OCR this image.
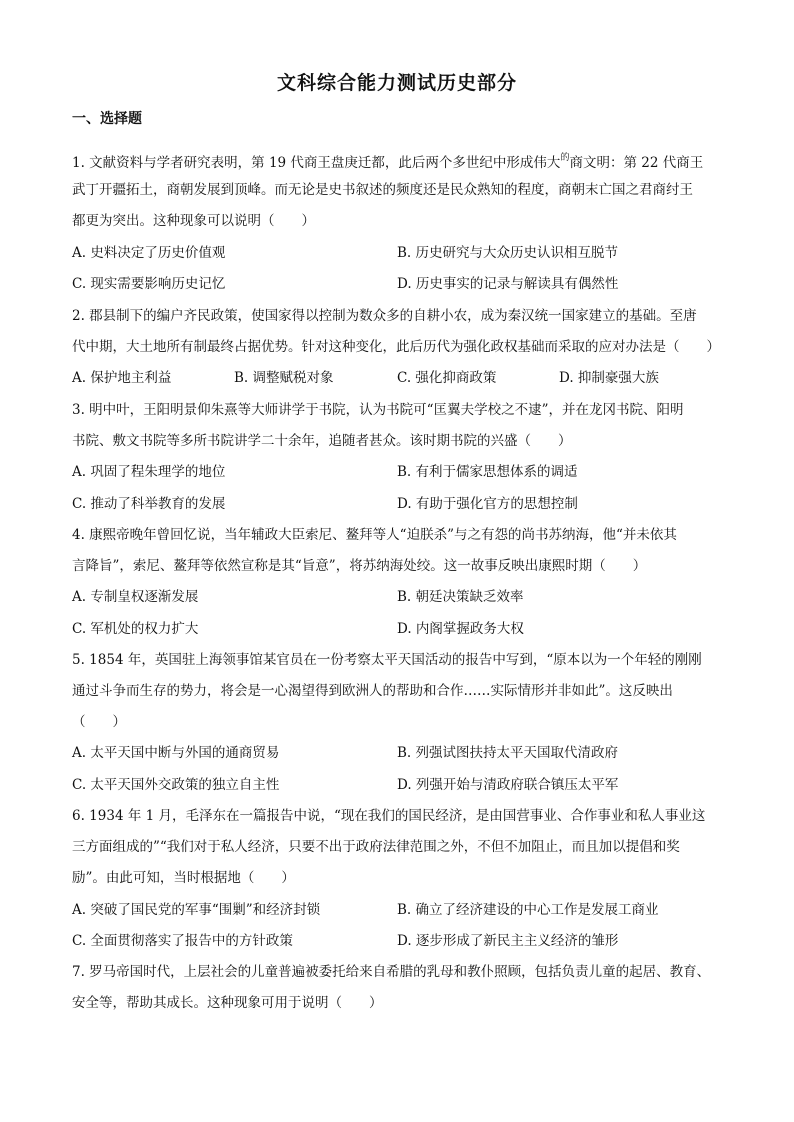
文科综合能力测试历史部分
一、选择题
1. 文献资料与学者研究表明，第 19 代商王盘庚迁都，此后两个多世纪中形成伟大$^的$商文明：第 22 代商王
武丁开疆拓土，商朝发展到顶峰。而无论是史书叙述的频度还是民众熟知的程度，商朝末亡国之君商纣王
都更为突出。这种现象可以说明（　　）
A. 史料决定了历史价值观	B. 历史研究与大众历史认识相互脱节
C. 现实需要影响历史记忆	D. 历史事实的记录与解读具有偶然性
2. 郡县制下的编户齐民政策，使国家得以控制为数众多的自耕小农，成为秦汉统一国家建立的基础。至唐
代中期，大土地所有制最终占据优势。针对这种变化，此后历代为强化政权基础而采取的应对办法是（　　）
A. 保护地主利益	B. 调整赋税对象	C. 强化抑商政策	D. 抑制豪强大族
3. 明中叶，王阳明景仰朱熹等大师讲学于书院，认为书院可“匡翼夫学校之不逮”，并在龙冈书院、阳明
书院、敷文书院等多所书院讲学二十余年，追随者甚众。该时期书院的兴盛（　　）
A. 巩固了程朱理学的地位	B. 有利于儒家思想体系的调适
C. 推动了科举教育的发展	D. 有助于强化官方的思想控制
4. 康熙帝晚年曾回忆说，当年辅政大臣索尼、鳌拜等人“迫朕杀”与之有怨的尚书苏纳海，他“并未依其
言降旨”，索尼、鳌拜等依然宣称是其“旨意”，将苏纳海处绞。这一故事反映出康熙时期（　　）
A. 专制皇权逐渐发展	B. 朝廷决策缺乏效率
C. 军机处的权力扩大	D. 内阁掌握政务大权
5. 1854 年，英国驻上海领事馆某官员在一份考察太平天国活动的报告中写到，“原本以为一个年轻的刚刚
通过斗争而生存的势力，将会是一心渴望得到欧洲人的帮助和合作……实际情形并非如此”。这反映出
（　　）
A. 太平天国中断与外国的通商贸易	B. 列强试图扶持太平天国取代清政府
C. 太平天国外交政策的独立自主性	D. 列强开始与清政府联合镇压太平军
6. 1934 年 1 月，毛泽东在一篇报告中说，“现在我们的国民经济，是由国营事业、合作事业和私人事业这
三方面组成的”“我们对于私人经济，只要不出于政府法律范围之外，不但不加阻止，而且加以提倡和奖
励”。由此可知，当时根据地（　　）
A. 突破了国民党的军事“围剿”和经济封锁	B. 确立了经济建设的中心工作是发展工商业
C. 全面贯彻落实了报告中的方针政策	D. 逐步形成了新民主主义经济的雏形
7. 罗马帝国时代，上层社会的儿童普遍被委托给来自希腊的乳母和教仆照顾，包括负责儿童的起居、教育、
安全等，帮助其成长。这种现象可用于说明（　　）
